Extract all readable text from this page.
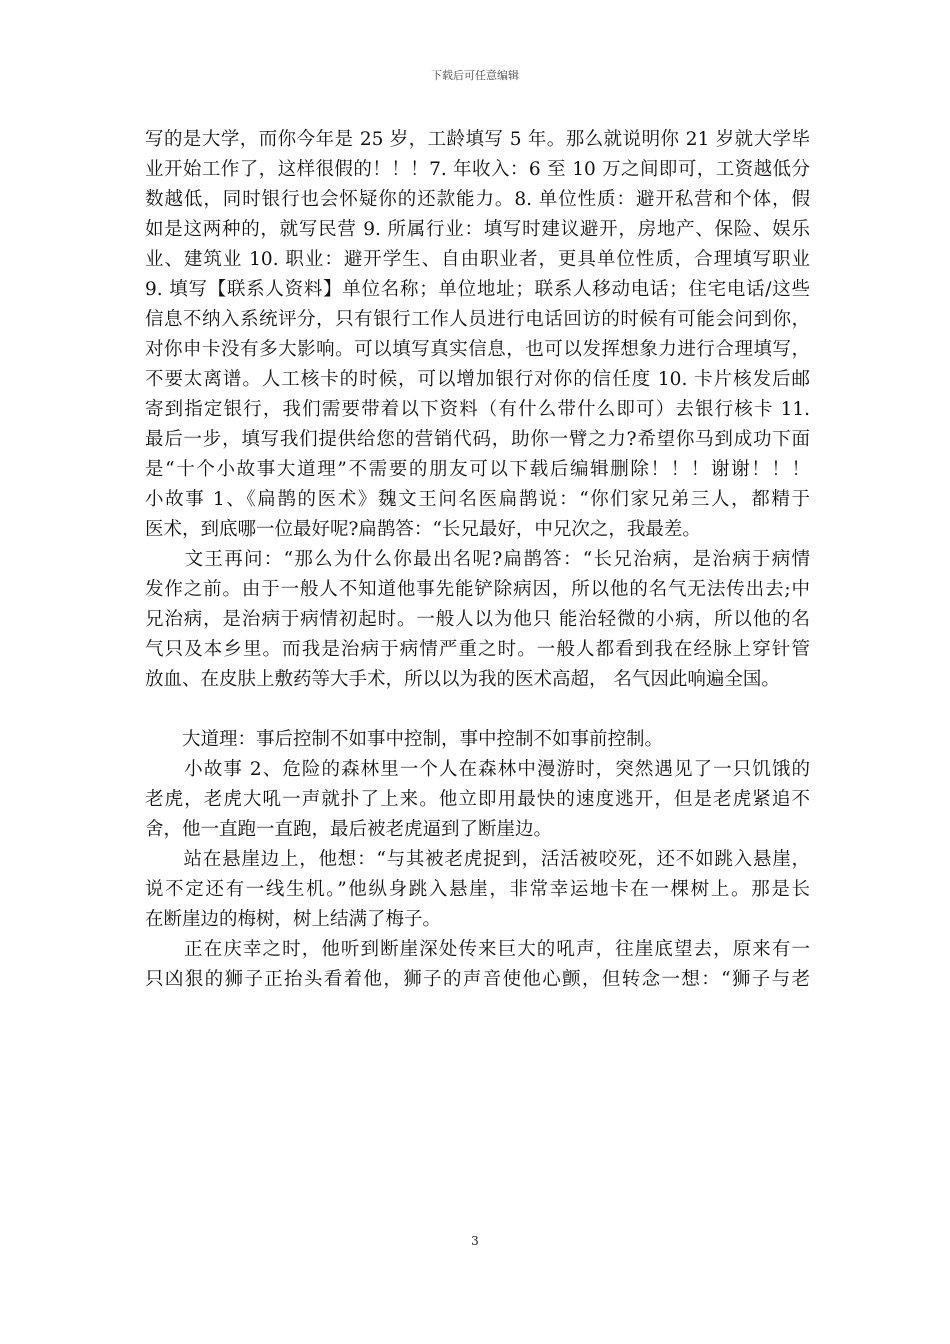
下载后可任意编辑
写的是大学，而你今年是 25 岁，工龄填写 5 年。那么就说明你 21 岁就大学毕
业开始工作了，这样很假的！！！7. 年收入：6 至 10 万之间即可，工资越低分
数越低，同时银行也会怀疑你的还款能力。8. 单位性质：避开私营和个体，假
如是这两种的，就写民营 9. 所属行业：填写时建议避开，房地产、保险、娱乐
业、建筑业 10. 职业：避开学生、自由职业者，更具单位性质，合理填写职业
9. 填写【联系人资料】单位名称；单位地址；联系人移动电话；住宅电话/这些
信息不纳入系统评分，只有银行工作人员进行电话回访的时候有可能会问到你，
对你申卡没有多大影响。可以填写真实信息，也可以发挥想象力进行合理填写，
不要太离谱。人工核卡的时候，可以增加银行对你的信任度 10. 卡片核发后邮
寄到指定银行，我们需要带着以下资料（有什么带什么即可）去银行核卡 11.
最后一步，填写我们提供给您的营销代码，助你一臂之力?希望你马到成功下面
是“十个小故事大道理”不需要的朋友可以下载后编辑删除！！！谢谢！！！
小故事 1、《扁鹊的医术》魏文王问名医扁鹊说：“你们家兄弟三人，都精于
医术，到底哪一位最好呢?扁鹊答：“长兄最好，中兄次之，我最差。
　　文王再问：“那么为什么你最出名呢?扁鹊答：“长兄治病，是治病于病情
发作之前。由于一般人不知道他事先能铲除病因，所以他的名气无法传出去;中
兄治病，是治病于病情初起时。一般人以为他只 能治轻微的小病，所以他的名
气只及本乡里。而我是治病于病情严重之时。一般人都看到我在经脉上穿针管
放血、在皮肤上敷药等大手术，所以以为我的医术高超， 名气因此响遍全国。
　　大道理：事后控制不如事中控制，事中控制不如事前控制。
　　小故事 2、危险的森林里一个人在森林中漫游时，突然遇见了一只饥饿的
老虎，老虎大吼一声就扑了上来。他立即用最快的速度逃开，但是老虎紧追不
舍，他一直跑一直跑，最后被老虎逼到了断崖边。
　　站在悬崖边上，他想：“与其被老虎捉到，活活被咬死，还不如跳入悬崖，
说不定还有一线生机。”他纵身跳入悬崖，非常幸运地卡在一棵树上。那是长
在断崖边的梅树，树上结满了梅子。
　　正在庆幸之时，他听到断崖深处传来巨大的吼声，往崖底望去，原来有一
只凶狠的狮子正抬头看着他，狮子的声音使他心颤，但转念一想：“狮子与老
3
